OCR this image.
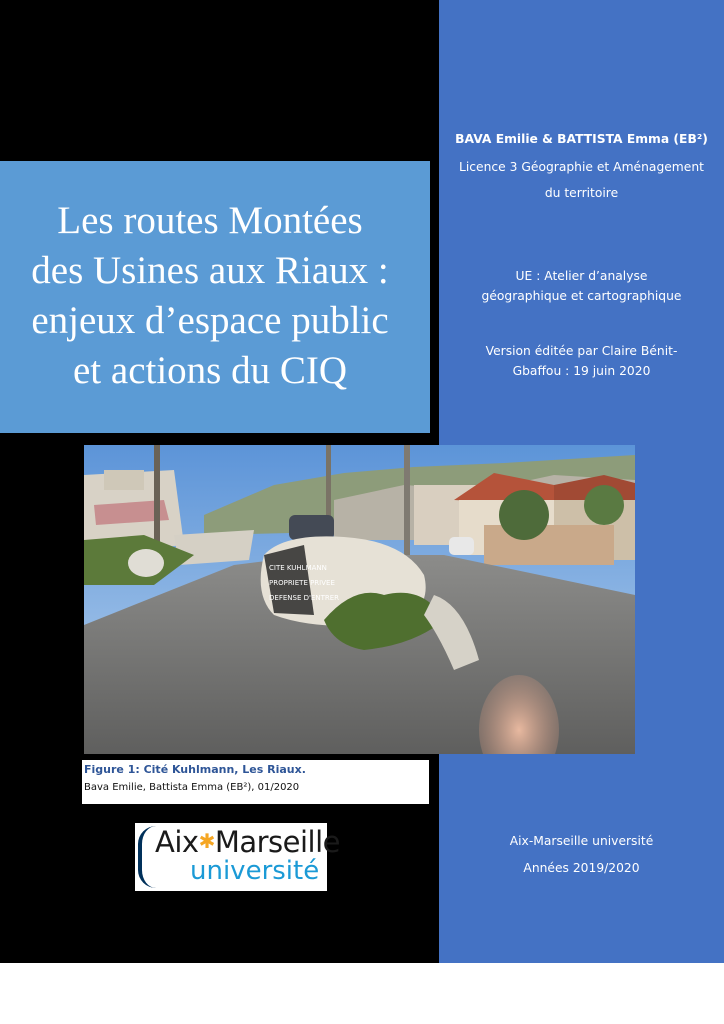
BAVA Emilie & BATTISTA Emma (EB²)
Licence 3 Géographie et Aménagement
du territoire
UE : Atelier d’analyse
géographique et cartographique
Version éditée par Claire Bénit-
Gbaffou : 19 juin 2020
Les routes Montées
des Usines aux Riaux :
enjeux d’espace public
et actions du CIQ
CITE KUHLMANN
PROPRIETE PRIVEE
DEFENSE D'ENTRER
Figure 1: Cité Kuhlmann, Les Riaux.
Bava Emilie, Battista Emma (EB²), 01/2020
Aix✱Marseille
université
Aix-Marseille université
Années 2019/2020
